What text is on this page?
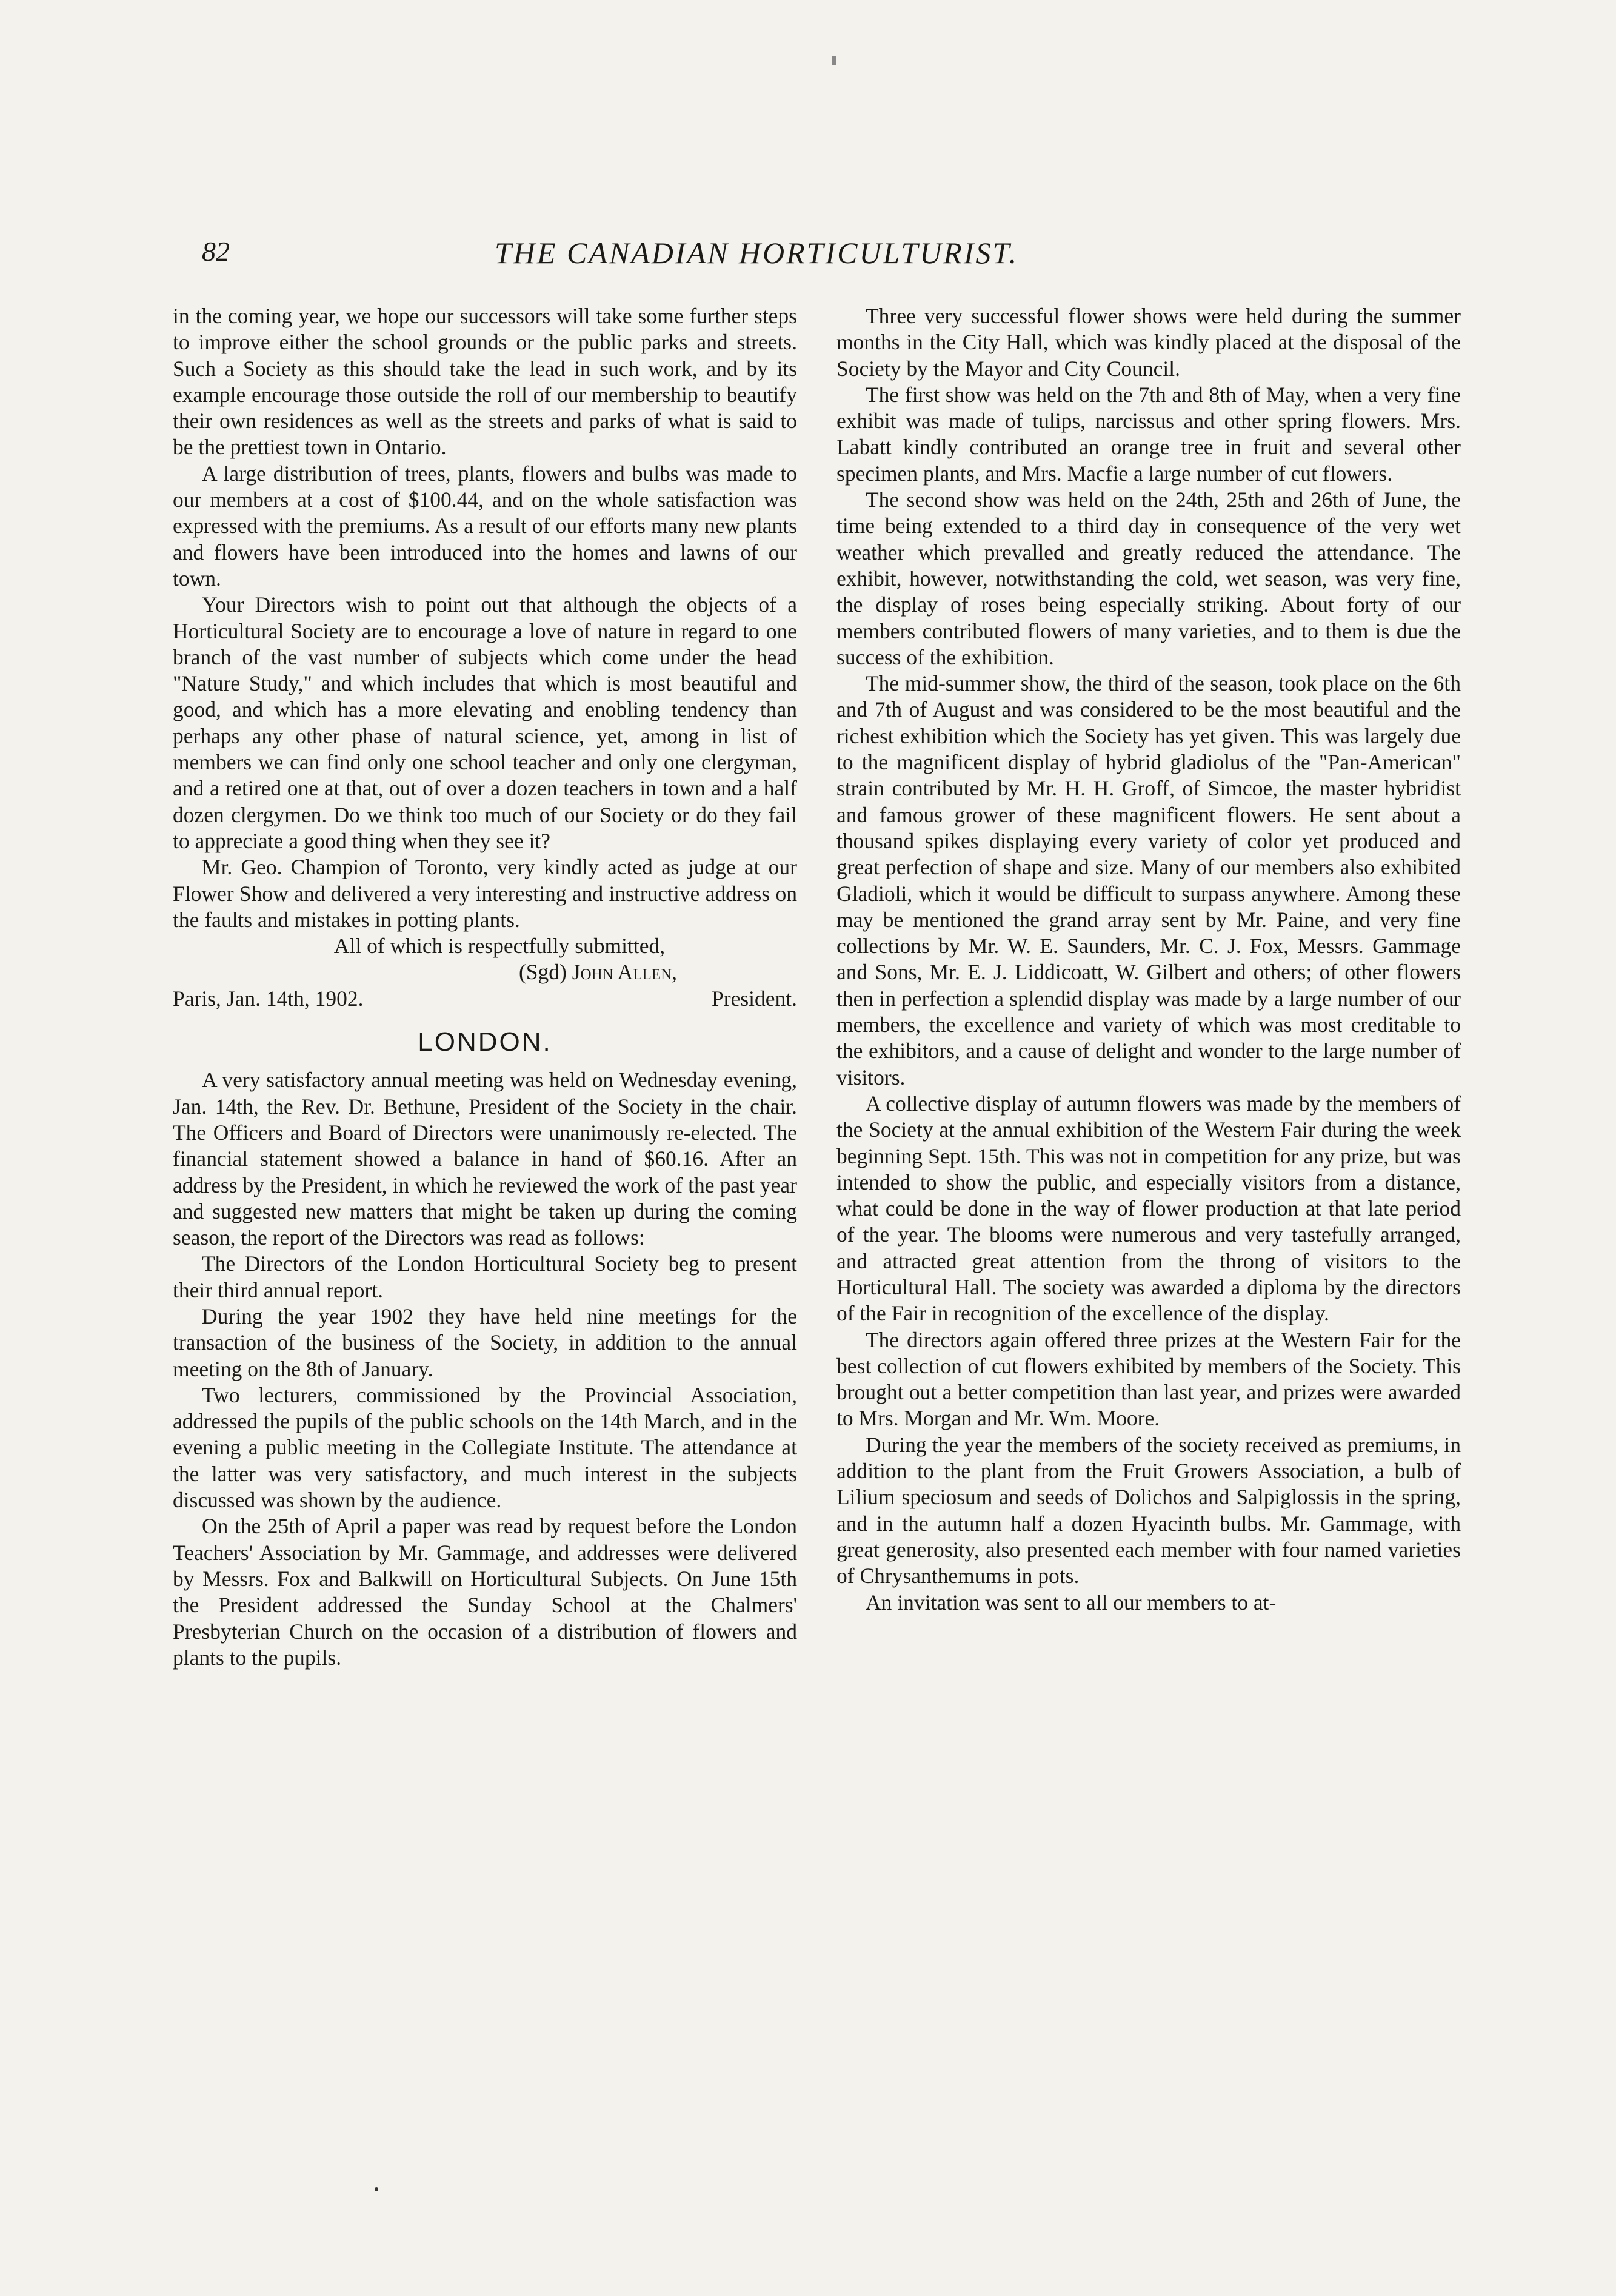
82	THE CANADIAN HORTICULTURIST.

in the coming year, we hope our successors will take some further steps to improve either the school grounds or the public parks and streets. Such a Society as this should take the lead in such work, and by its example encourage those outside the roll of our membership to beautify their own residences as well as the streets and parks of what is said to be the prettiest town in Ontario.

A large distribution of trees, plants, flowers and bulbs was made to our members at a cost of $100.44, and on the whole satisfaction was expressed with the premiums. As a result of our efforts many new plants and flowers have been introduced into the homes and lawns of our town.

Your Directors wish to point out that although the objects of a Horticultural Society are to encourage a love of nature in regard to one branch of the vast number of subjects which come under the head "Nature Study," and which includes that which is most beautiful and good, and which has a more elevating and enobling tendency than perhaps any other phase of natural science, yet, among in list of members we can find only one school teacher and only one clergyman, and a retired one at that, out of over a dozen teachers in town and a half dozen clergymen. Do we think too much of our Society or do they fail to appreciate a good thing when they see it?

Mr. Geo. Champion of Toronto, very kindly acted as judge at our Flower Show and delivered a very interesting and instructive address on the faults and mistakes in potting plants.

All of which is respectfully submitted,

(Sgd) John Allen,

Paris, Jan. 14th, 1902.	President.
LONDON.

A very satisfactory annual meeting was held on Wednesday evening, Jan. 14th, the Rev. Dr. Bethune, President of the Society in the chair. The Officers and Board of Directors were unanimously re-elected. The financial statement showed a balance in hand of $60.16. After an address by the President, in which he reviewed the work of the past year and suggested new matters that might be taken up during the coming season, the report of the Directors was read as follows:

The Directors of the London Horticultural Society beg to present their third annual report.

During the year 1902 they have held nine meetings for the transaction of the business of the Society, in addition to the annual meeting on the 8th of January.

Two lecturers, commissioned by the Provincial Association, addressed the pupils of the public schools on the 14th March, and in the evening a public meeting in the Collegiate Institute. The attendance at the latter was very satisfactory, and much interest in the subjects discussed was shown by the audience.

On the 25th of April a paper was read by request before the London Teachers' Association by Mr. Gammage, and addresses were delivered by Messrs. Fox and Balkwill on Horticultural Subjects. On June 15th the President addressed the Sunday School at the Chalmers' Presbyterian Church on the occasion of a distribution of flowers and plants to the pupils.

Three very successful flower shows were held during the summer months in the City Hall, which was kindly placed at the disposal of the Society by the Mayor and City Council.

The first show was held on the 7th and 8th of May, when a very fine exhibit was made of tulips, narcissus and other spring flowers. Mrs. Labatt kindly contributed an orange tree in fruit and several other specimen plants, and Mrs. Macfie a large number of cut flowers.

The second show was held on the 24th, 25th and 26th of June, the time being extended to a third day in consequence of the very wet weather which prevalled and greatly reduced the attendance. The exhibit, however, notwithstanding the cold, wet season, was very fine, the display of roses being especially striking. About forty of our members contributed flowers of many varieties, and to them is due the success of the exhibition.

The mid-summer show, the third of the season, took place on the 6th and 7th of August and was considered to be the most beautiful and the richest exhibition which the Society has yet given. This was largely due to the magnificent display of hybrid gladiolus of the "Pan-American" strain contributed by Mr. H. H. Groff, of Simcoe, the master hybridist and famous grower of these magnificent flowers. He sent about a thousand spikes displaying every variety of color yet produced and great perfection of shape and size. Many of our members also exhibited Gladioli, which it would be difficult to surpass anywhere. Among these may be mentioned the grand array sent by Mr. Paine, and very fine collections by Mr. W. E. Saunders, Mr. C. J. Fox, Messrs. Gammage and Sons, Mr. E. J. Liddicoatt, W. Gilbert and others; of other flowers then in perfection a splendid display was made by a large number of our members, the excellence and variety of which was most creditable to the exhibitors, and a cause of delight and wonder to the large number of visitors.

A collective display of autumn flowers was made by the members of the Society at the annual exhibition of the Western Fair during the week beginning Sept. 15th. This was not in competition for any prize, but was intended to show the public, and especially visitors from a distance, what could be done in the way of flower production at that late period of the year. The blooms were numerous and very tastefully arranged, and attracted great attention from the throng of visitors to the Horticultural Hall. The society was awarded a diploma by the directors of the Fair in recognition of the excellence of the display.

The directors again offered three prizes at the Western Fair for the best collection of cut flowers exhibited by members of the Society. This brought out a better competition than last year, and prizes were awarded to Mrs. Morgan and Mr. Wm. Moore.

During the year the members of the society received as premiums, in addition to the plant from the Fruit Growers Association, a bulb of Lilium speciosum and seeds of Dolichos and Salpiglossis in the spring, and in the autumn half a dozen Hyacinth bulbs. Mr. Gammage, with great generosity, also presented each member with four named varieties of Chrysanthemums in pots.

An invitation was sent to all our members to at-
